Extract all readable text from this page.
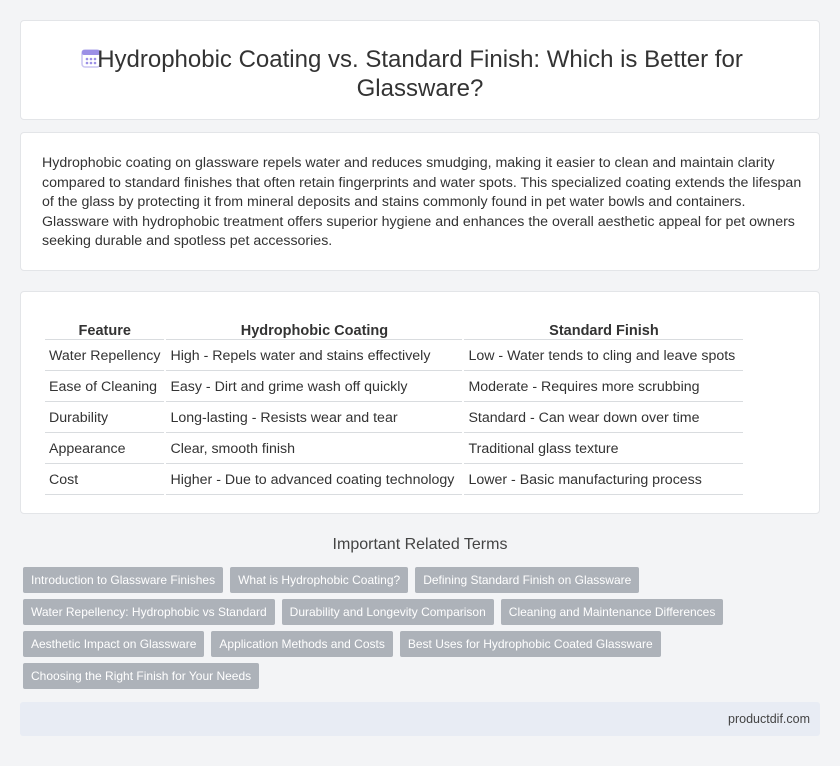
Hydrophobic Coating vs. Standard Finish: Which is Better for
Glassware?

Hydrophobic coating on glassware repels water and reduces smudging, making it easier to clean and maintain clarity compared to standard finishes that often retain fingerprints and water spots. This specialized coating extends the lifespan of the glass by protecting it from mineral deposits and stains commonly found in pet water bowls and containers. Glassware with hydrophobic treatment offers superior hygiene and enhances the overall aesthetic appeal for pet owners seeking durable and spotless pet accessories.

Feature	Hydrophobic Coating	Standard Finish
Water Repellency	High - Repels water and stains effectively	Low - Water tends to cling and leave spots
Ease of Cleaning	Easy - Dirt and grime wash off quickly	Moderate - Requires more scrubbing
Durability	Long-lasting - Resists wear and tear	Standard - Can wear down over time
Appearance	Clear, smooth finish	Traditional glass texture
Cost	Higher - Due to advanced coating technology	Lower - Basic manufacturing process
Important Related Terms
Introduction to Glassware Finishes	What is Hydrophobic Coating?	Defining Standard Finish on Glassware
Water Repellency: Hydrophobic vs Standard	Durability and Longevity Comparison	Cleaning and Maintenance Differences
Aesthetic Impact on Glassware	Application Methods and Costs	Best Uses for Hydrophobic Coated Glassware
Choosing the Right Finish for Your Needs
productdif.com
